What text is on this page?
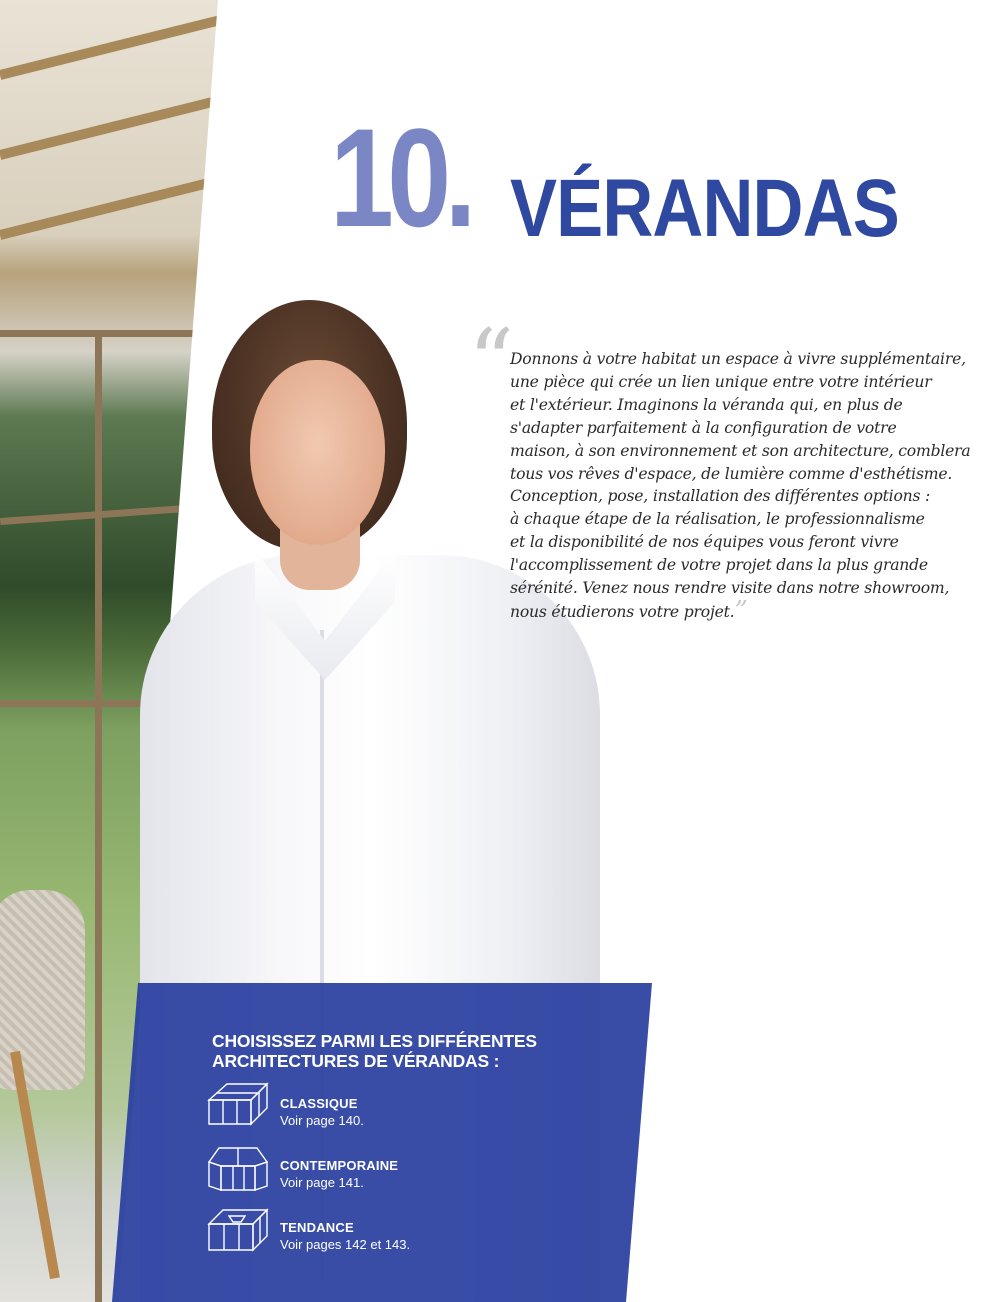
10. VÉRANDAS
“
Donnons à votre habitat un espace à vivre supplémentaire,
une pièce qui crée un lien unique entre votre intérieur
et l'extérieur. Imaginons la véranda qui, en plus de
s'adapter parfaitement à la configuration de votre
maison, à son environnement et son architecture, comblera
tous vos rêves d'espace, de lumière comme d'esthétisme.
Conception, pose, installation des différentes options :
à chaque étape de la réalisation, le professionnalisme
et la disponibilité de nos équipes vous feront vivre
l'accomplissement de votre projet dans la plus grande
sérénité. Venez nous rendre visite dans notre showroom,
nous étudierons votre projet.”
CHOISISSEZ PARMI LES DIFFÉRENTES
ARCHITECTURES DE VÉRANDAS :
CLASSIQUE
Voir page 140.
CONTEMPORAINE
Voir page 141.
TENDANCE
Voir pages 142 et 143.
